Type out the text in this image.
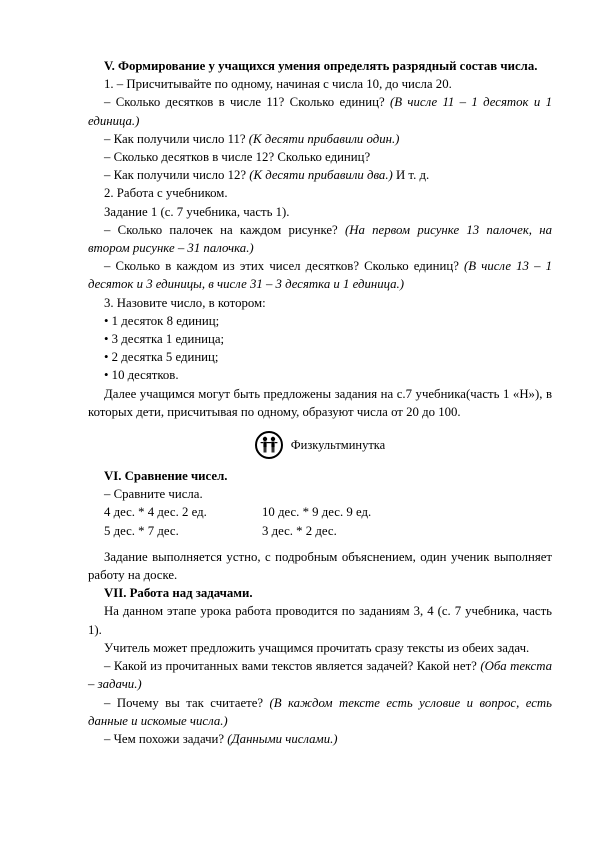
V. Формирование у учащихся умения определять разрядный состав числа.

1. – Присчитывайте по одному, начиная с числа 10, до числа 20.

– Сколько десятков в числе 11? Сколько единиц? (В числе 11 – 1 десяток и 1 единица.)

– Как получили число 11? (К десяти прибавили один.)

– Сколько десятков в числе 12? Сколько единиц?

– Как получили число 12? (К десяти прибавили два.) И т. д.

2. Работа с учебником.

Задание 1 (с. 7 учебника, часть 1).

– Сколько палочек на каждом рисунке? (На первом рисунке 13 палочек, на втором рисунке – 31 палочка.)

– Сколько в каждом из этих чисел десятков? Сколько единиц? (В числе 13 – 1 десяток и 3 единицы, в числе 31 – 3 десятка и 1 единица.)

3. Назовите число, в котором:

• 1 десяток 8 единиц;

• 3 десятка 1 единица;

• 2 десятка 5 единиц;

• 10 десятков.

Далее учащимся могут быть предложены задания на с.7 учебника(часть 1 «Н»), в которых дети, присчитывая по одному, образуют числа от 20 до 100.

Физкультминутка

VI. Сравнение чисел.

– Сравните числа.

4 дес. * 4 дес. 2 ед.	10 дес. * 9 дес. 9 ед.
5 дес. * 7 дес.	3 дес. * 2 дес.

Задание выполняется устно, с подробным объяснением, один ученик выполняет работу на доске.

VII. Работа над задачами.

На данном этапе урока работа проводится по заданиям 3, 4 (с. 7 учебника, часть 1).

Учитель может предложить учащимся прочитать сразу тексты из обеих задач.

– Какой из прочитанных вами текстов является задачей? Какой нет? (Оба текста – задачи.)

– Почему вы так считаете? (В каждом тексте есть условие и вопрос, есть данные и искомые числа.)

– Чем похожи задачи? (Данными числами.)
